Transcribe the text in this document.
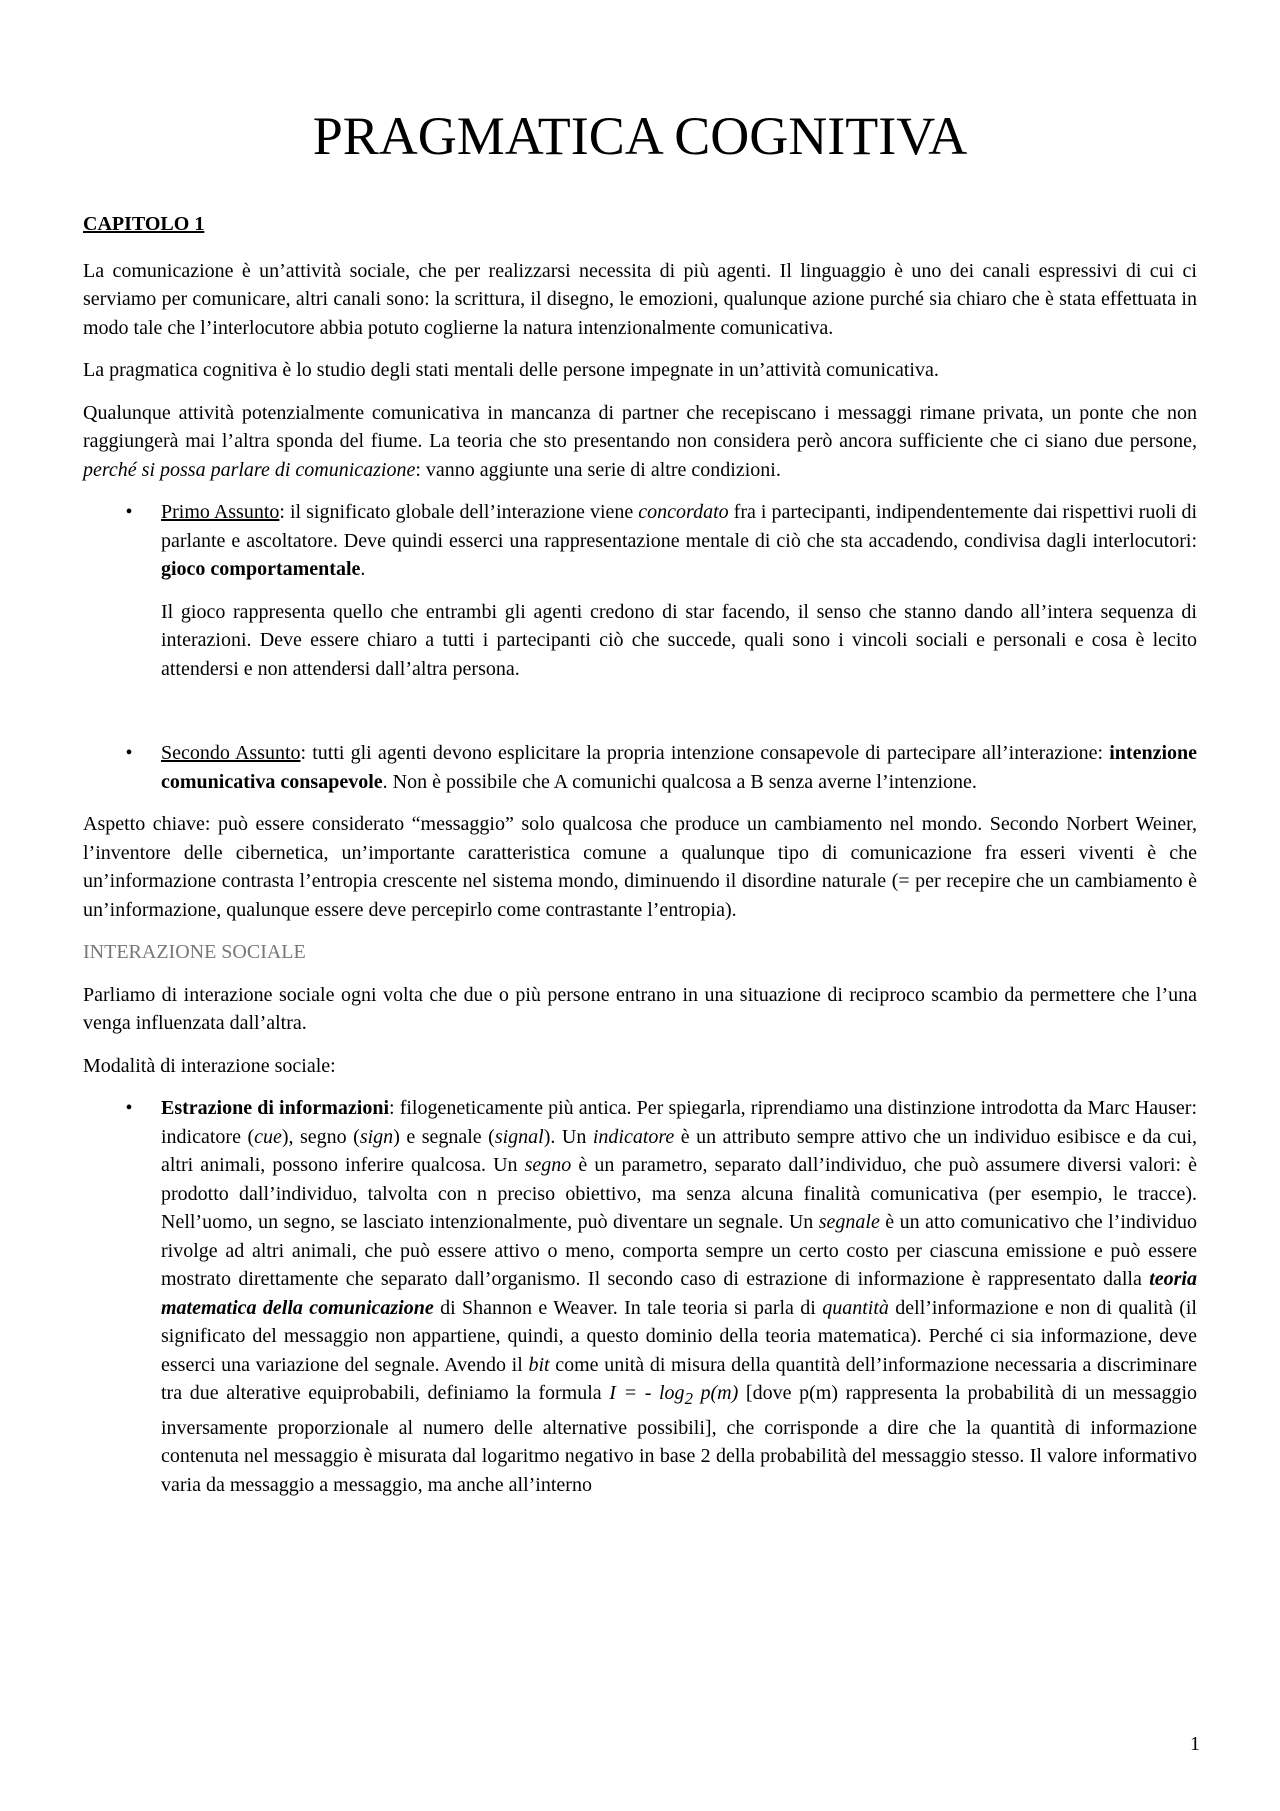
PRAGMATICA COGNITIVA
CAPITOLO 1

La comunicazione è un’attività sociale, che per realizzarsi necessita di più agenti. Il linguaggio è uno dei canali espressivi di cui ci serviamo per comunicare, altri canali sono: la scrittura, il disegno, le emozioni, qualunque azione purché sia chiaro che è stata effettuata in modo tale che l’interlocutore abbia potuto coglierne la natura intenzionalmente comunicativa.

La pragmatica cognitiva è lo studio degli stati mentali delle persone impegnate in un’attività comunicativa.

Qualunque attività potenzialmente comunicativa in mancanza di partner che recepiscano i messaggi rimane privata, un ponte che non raggiungerà mai l’altra sponda del fiume. La teoria che sto presentando non considera però ancora sufficiente che ci siano due persone, perché si possa parlare di comunicazione: vanno aggiunte una serie di altre condizioni.

• Primo Assunto: il significato globale dell’interazione viene concordato fra i partecipanti, indipendentemente dai rispettivi ruoli di parlante e ascoltatore. Deve quindi esserci una rappresentazione mentale di ciò che sta accadendo, condivisa dagli interlocutori: gioco comportamentale.

Il gioco rappresenta quello che entrambi gli agenti credono di star facendo, il senso che stanno dando all’intera sequenza di interazioni. Deve essere chiaro a tutti i partecipanti ciò che succede, quali sono i vincoli sociali e personali e cosa è lecito attendersi e non attendersi dall’altra persona.

• Secondo Assunto: tutti gli agenti devono esplicitare la propria intenzione consapevole di partecipare all’interazione: intenzione comunicativa consapevole. Non è possibile che A comunichi qualcosa a B senza averne l’intenzione.

Aspetto chiave: può essere considerato “messaggio” solo qualcosa che produce un cambiamento nel mondo. Secondo Norbert Weiner, l’inventore delle cibernetica, un’importante caratteristica comune a qualunque tipo di comunicazione fra esseri viventi è che un’informazione contrasta l’entropia crescente nel sistema mondo, diminuendo il disordine naturale (= per recepire che un cambiamento è un’informazione, qualunque essere deve percepirlo come contrastante l’entropia).

INTERAZIONE SOCIALE

Parliamo di interazione sociale ogni volta che due o più persone entrano in una situazione di reciproco scambio da permettere che l’una venga influenzata dall’altra.

Modalità di interazione sociale:

• Estrazione di informazioni: filogeneticamente più antica. Per spiegarla, riprendiamo una distinzione introdotta da Marc Hauser: indicatore (cue), segno (sign) e segnale (signal). Un indicatore è un attributo sempre attivo che un individuo esibisce e da cui, altri animali, possono inferire qualcosa. Un segno è un parametro, separato dall’individuo, che può assumere diversi valori: è prodotto dall’individuo, talvolta con n preciso obiettivo, ma senza alcuna finalità comunicativa (per esempio, le tracce). Nell’uomo, un segno, se lasciato intenzionalmente, può diventare un segnale. Un segnale è un atto comunicativo che l’individuo rivolge ad altri animali, che può essere attivo o meno, comporta sempre un certo costo per ciascuna emissione e può essere mostrato direttamente che separato dall’organismo. Il secondo caso di estrazione di informazione è rappresentato dalla teoria matematica della comunicazione di Shannon e Weaver. In tale teoria si parla di quantità dell’informazione e non di qualità (il significato del messaggio non appartiene, quindi, a questo dominio della teoria matematica). Perché ci sia informazione, deve esserci una variazione del segnale. Avendo il bit come unità di misura della quantità dell’informazione necessaria a discriminare tra due alterative equiprobabili, definiamo la formula I = - $\log_2 p(m)$ [dove p(m) rappresenta la probabilità di un messaggio inversamente proporzionale al numero delle alternative possibili], che corrisponde a dire che la quantità di informazione contenuta nel messaggio è misurata dal logaritmo negativo in base 2 della probabilità del messaggio stesso. Il valore informativo varia da messaggio a messaggio, ma anche all’interno

1
